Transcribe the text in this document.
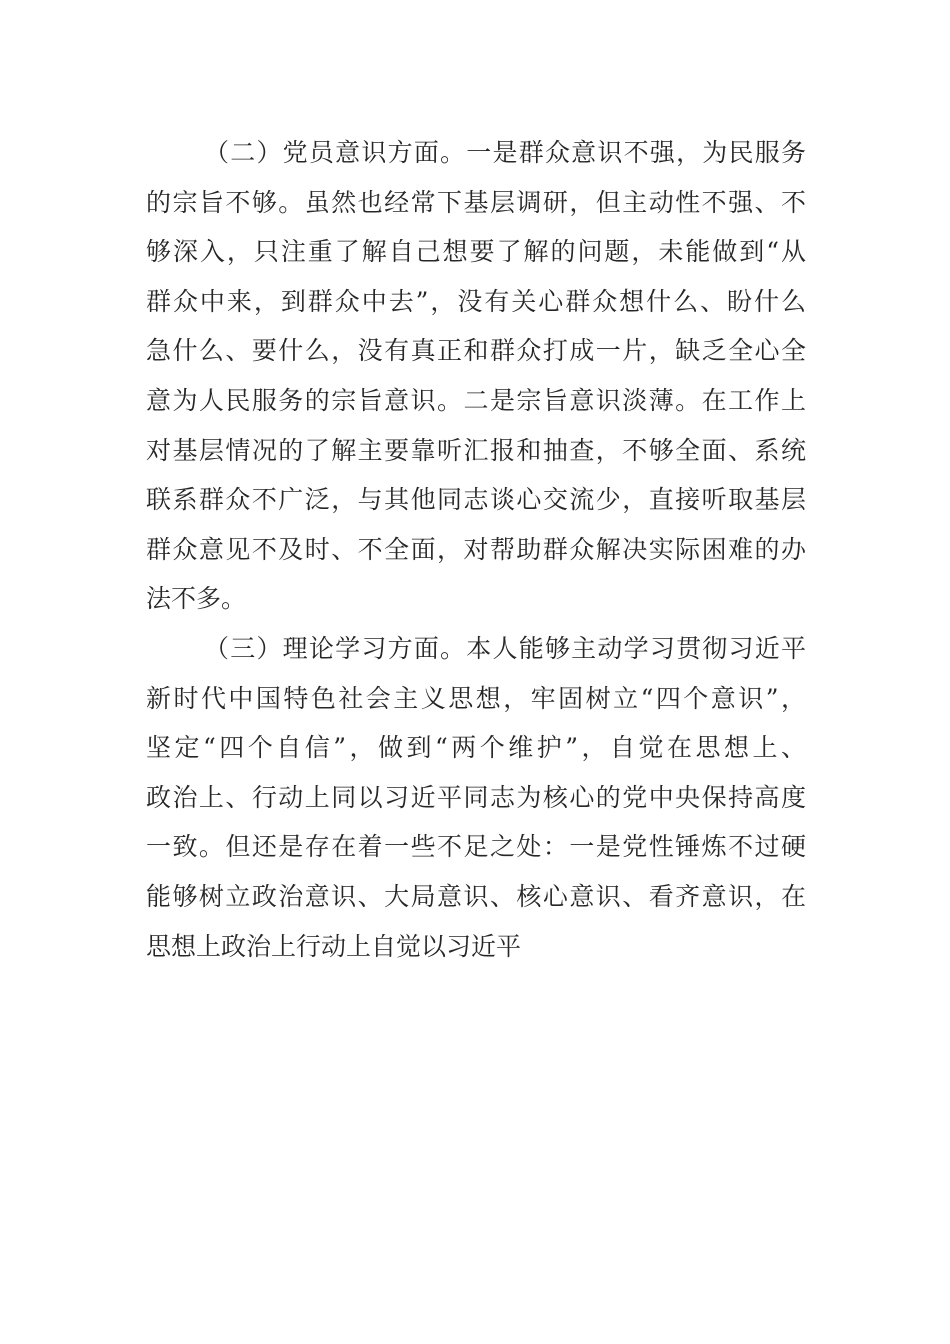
（二）党员意识方面。一是群众意识不强，为民服务
的宗旨不够。虽然也经常下基层调研，但主动性不强、不
够深入，只注重了解自己想要了解的问题，未能做到“从
群众中来，到群众中去”，没有关心群众想什么、盼什么
急什么、要什么，没有真正和群众打成一片，缺乏全心全
意为人民服务的宗旨意识。二是宗旨意识淡薄。在工作上
对基层情况的了解主要靠听汇报和抽查，不够全面、系统
联系群众不广泛，与其他同志谈心交流少，直接听取基层
群众意见不及时、不全面，对帮助群众解决实际困难的办
法不多。
（三）理论学习方面。本人能够主动学习贯彻习近平
新时代中国特色社会主义思想，牢固树立“四个意识”，
坚定“四个自信”，做到“两个维护”，自觉在思想上、
政治上、行动上同以习近平同志为核心的党中央保持高度
一致。但还是存在着一些不足之处：一是党性锤炼不过硬
能够树立政治意识、大局意识、核心意识、看齐意识，在
思想上政治上行动上自觉以习近平
